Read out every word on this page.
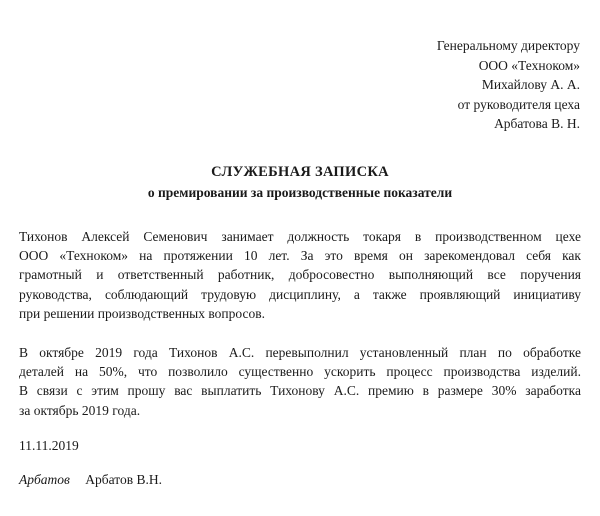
Генеральному директору
ООО «Техноком»
Михайлову А. А.
от руководителя цеха
Арбатова В. Н.
СЛУЖЕБНАЯ ЗАПИСКА
о премировании за производственные показатели
Тихонов Алексей Семенович занимает должность токаря в производственном цехе
ООО «Техноком» на протяжении 10 лет. За это время он зарекомендовал себя как
грамотный и ответственный работник, добросовестно выполняющий все поручения
руководства, соблюдающий трудовую дисциплину, а также проявляющий инициативу
при решении производственных вопросов.
В октябре 2019 года Тихонов А.С. перевыполнил установленный план по обработке
деталей на 50%, что позволило существенно ускорить процесс производства изделий.
В связи с этим прошу вас выплатить Тихонову А.С. премию в размере 30% заработка
за октябрь 2019 года.
11.11.2019
Арбатов Арбатов В.Н.
